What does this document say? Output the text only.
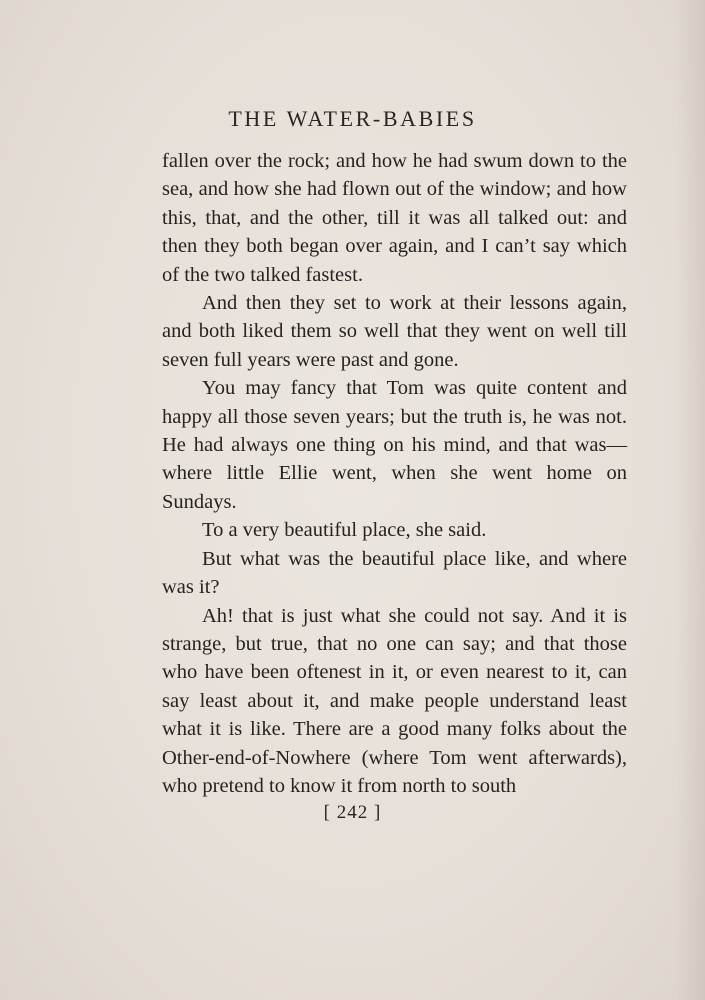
THE WATER-BABIES

fallen over the rock; and how he had swum down to the sea, and how she had flown out of the window; and how this, that, and the other, till it was all talked out: and then they both began over again, and I can’t say which of the two talked fastest.

And then they set to work at their lessons again, and both liked them so well that they went on well till seven full years were past and gone.

You may fancy that Tom was quite content and happy all those seven years; but the truth is, he was not. He had always one thing on his mind, and that was—where little Ellie went, when she went home on Sundays.

To a very beautiful place, she said.

But what was the beautiful place like, and where was it?

Ah! that is just what she could not say. And it is strange, but true, that no one can say; and that those who have been oftenest in it, or even nearest to it, can say least about it, and make people understand least what it is like. There are a good many folks about the Other-end-of-Nowhere (where Tom went afterwards), who pretend to know it from north to south

[ 242 ]
